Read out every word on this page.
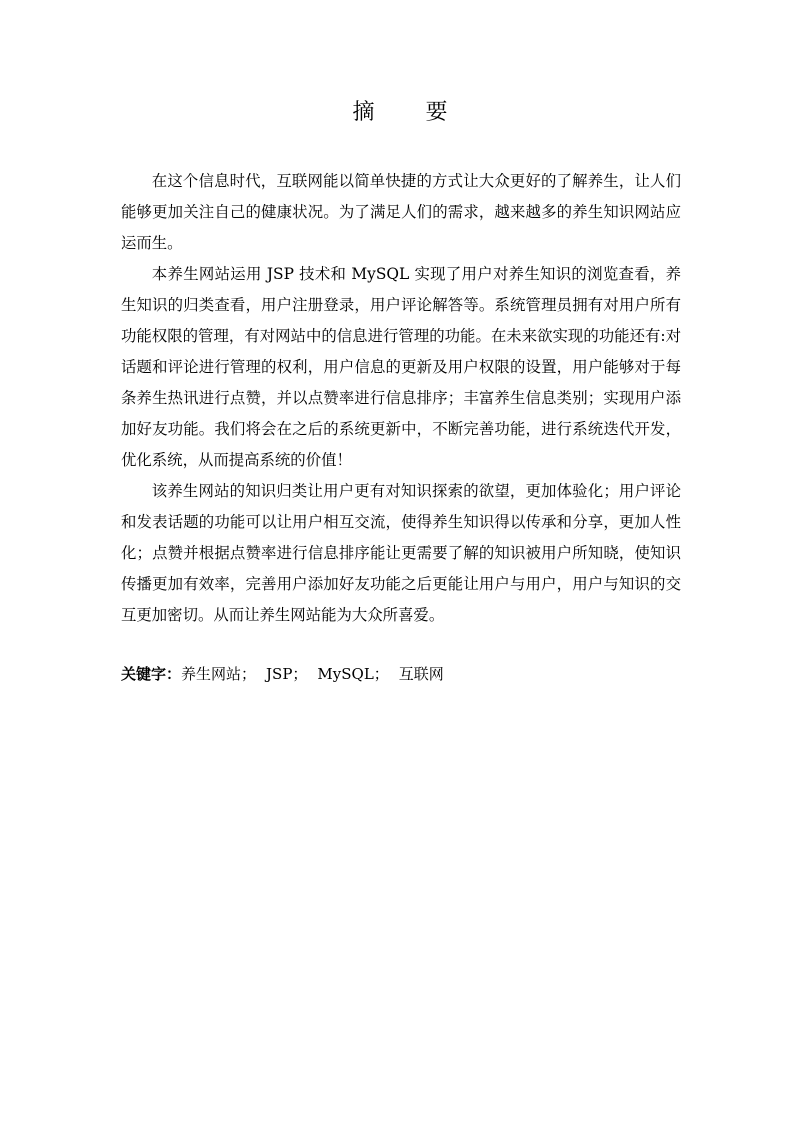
摘 要

在这个信息时代，互联网能以简单快捷的方式让大众更好的了解养生，让人们能够更加关注自己的健康状况。为了满足人们的需求，越来越多的养生知识网站应运而生。

本养生网站运用 JSP 技术和 MySQL 实现了用户对养生知识的浏览查看，养生知识的归类查看，用户注册登录，用户评论解答等。系统管理员拥有对用户所有功能权限的管理，有对网站中的信息进行管理的功能。在未来欲实现的功能还有:对话题和评论进行管理的权利，用户信息的更新及用户权限的设置，用户能够对于每条养生热讯进行点赞，并以点赞率进行信息排序；丰富养生信息类别；实现用户添加好友功能。我们将会在之后的系统更新中，不断完善功能，进行系统迭代开发，优化系统，从而提高系统的价值！

该养生网站的知识归类让用户更有对知识探索的欲望，更加体验化；用户评论和发表话题的功能可以让用户相互交流，使得养生知识得以传承和分享，更加人性化；点赞并根据点赞率进行信息排序能让更需要了解的知识被用户所知晓，使知识传播更加有效率，完善用户添加好友功能之后更能让用户与用户，用户与知识的交互更加密切。从而让养生网站能为大众所喜爱。

关键字：养生网站； JSP； MySQL； 互联网
